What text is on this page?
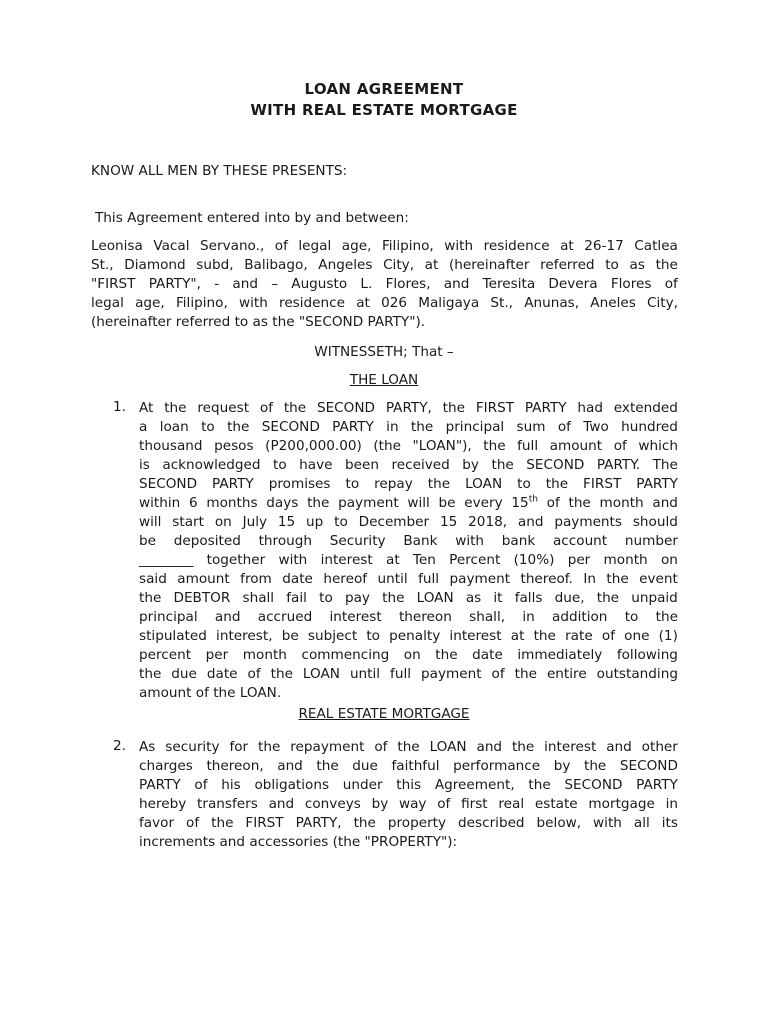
LOAN AGREEMENT
WITH REAL ESTATE MORTGAGE
KNOW ALL MEN BY THESE PRESENTS:
This Agreement entered into by and between:
Leonisa Vacal Servano., of legal age, Filipino, with residence at 26-17 Catlea
St., Diamond subd, Balibago, Angeles City, at (hereinafter referred to as the
"FIRST PARTY", - and – Augusto L. Flores, and Teresita Devera Flores of
legal age, Filipino, with residence at 026 Maligaya St., Anunas, Aneles City,
(hereinafter referred to as the "SECOND PARTY").
WITNESSETH; That –
THE LOAN
1. At the request of the SECOND PARTY, the FIRST PARTY had extended
a loan to the SECOND PARTY in the principal sum of Two hundred
thousand pesos (P200,000.00) (the "LOAN"), the full amount of which
is acknowledged to have been received by the SECOND PARTY. The
SECOND PARTY promises to repay the LOAN to the FIRST PARTY
within 6 months days the payment will be every 15th of the month and
will start on July 15 up to December 15 2018, and payments should
be deposited through Security Bank with bank account number
________ together with interest at Ten Percent (10%) per month on
said amount from date hereof until full payment thereof. In the event
the DEBTOR shall fail to pay the LOAN as it falls due, the unpaid
principal and accrued interest thereon shall, in addition to the
stipulated interest, be subject to penalty interest at the rate of one (1)
percent per month commencing on the date immediately following
the due date of the LOAN until full payment of the entire outstanding
amount of the LOAN.
REAL ESTATE MORTGAGE
2. As security for the repayment of the LOAN and the interest and other
charges thereon, and the due faithful performance by the SECOND
PARTY of his obligations under this Agreement, the SECOND PARTY
hereby transfers and conveys by way of first real estate mortgage in
favor of the FIRST PARTY, the property described below, with all its
increments and accessories (the "PROPERTY"):
